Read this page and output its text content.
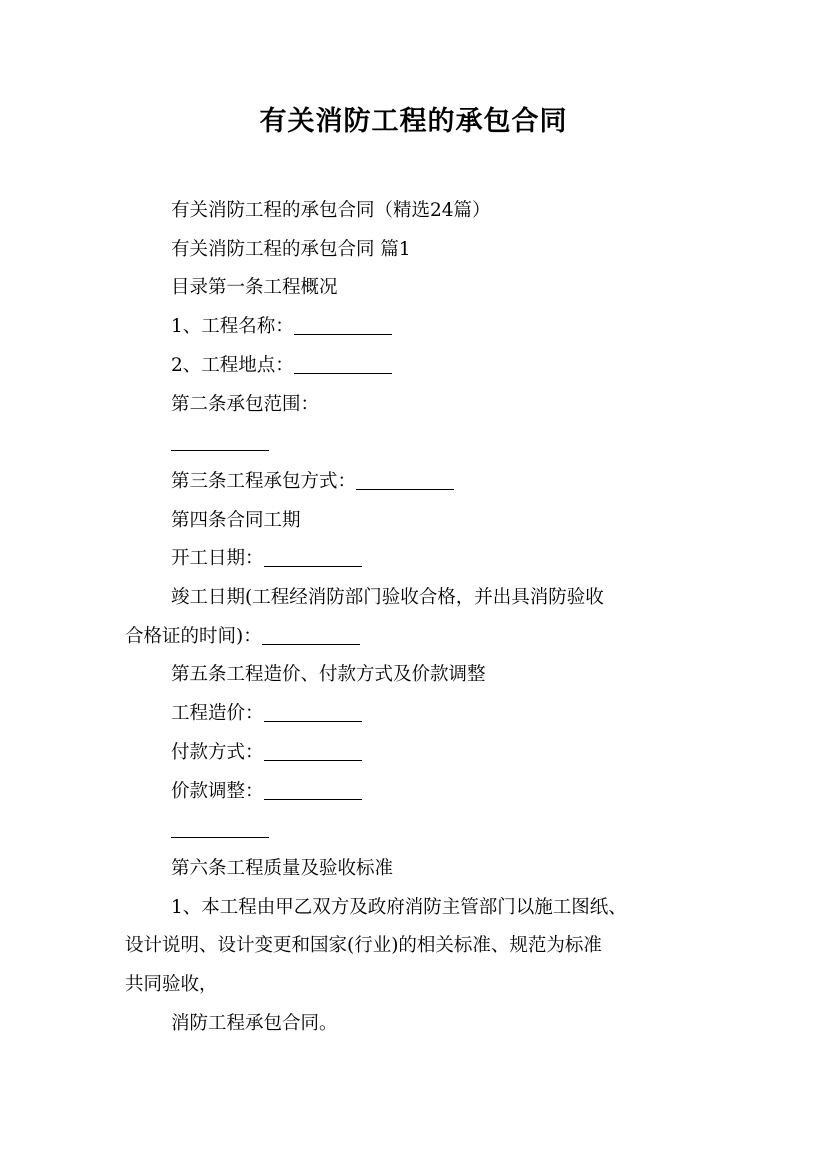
有关消防工程的承包合同
有关消防工程的承包合同（精选24篇）
有关消防工程的承包合同 篇1
目录第一条工程概况
1、工程名称：
2、工程地点：
第二条承包范围：
第三条工程承包方式：
第四条合同工期
开工日期：
竣工日期(工程经消防部门验收合格，并出具消防验收
合格证的时间)：
第五条工程造价、付款方式及价款调整
工程造价：
付款方式：
价款调整：
第六条工程质量及验收标准
1、本工程由甲乙双方及政府消防主管部门以施工图纸、
设计说明、设计变更和国家(行业)的相关标准、规范为标准
共同验收，
消防工程承包合同。
